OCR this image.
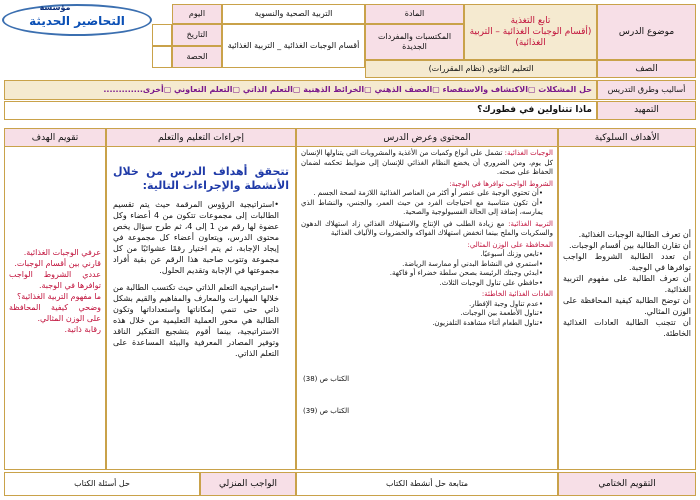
مؤسسة
التحاضير الحديثة
موضوع الدرس
تابع التغذية
(أقسام الوجبات الغذائية – التربية الغذائية)
المادة
التربية الصحية والنسوية
اليوم
المكتسبات والمفردات الجديدة
أقسام الوجبات الغذائية _ التربية الغذائية
التاريخ
الحصة
الصف
التعليم الثانوي (نظام المقررات)
أساليب وطرق التدريس
حل المشكلات ▢الاكتشاف والاستقصاء ▢العصف الذهني ▢الخرائط الذهنية ▢التعلم الذاتي ▢التعلم التعاوني ▢أخرى.............
التمهيد
ماذا تتناولين في فطورك؟
الأهداف السلوكية
أن تعرف الطالبة الوجبات الغذائية.
أن تقارن الطالبة بين أقسام الوجبات.
أن تعدد الطالبة الشروط الواجب توافرها في الوجبة.
أن تعرف الطالبة على مفهوم التربية الغذائية.
أن توضح الطالبة كيفية المحافظة على الوزن المثالي.
أن تتجنب الطالبة العادات الغذائية الخاطئة.
المحتوى وعرض الدرس
الوجبات الغذائية: تشمل على أنواع وكميات من الأغذية والمشروبات التي يتناولها الإنسان كل يوم، ومن الضروري أن يخضع النظام الغذائي للإنسان إلى ضوابط تحكمه لضمان الحفاظ على صحته.
الشروط الواجب توافرها في الوجبة:
• أن تحتوي الوجبة على عنصر أو أكثر من العناصر الغذائية اللازمة لصحة الجسم .
• أن تكون متناسبة مع احتياجات الفرد من حيث العمر، والجنس، والنشاط الذي يمارسه، إضافة إلى الحالة الفسيولوجية والصحية.
التربية الغذائية: مع زيادة الطلب في الإنتاج والاستهلاك الغذائي زاد استهلاك الدهون والسكريات والملح بينما انخفض استهلاك الفواكه والخضروات والألياف الغذائية
المحافظة على الوزن المثالي:
• تابعي وزنك أسبوعيًا.
• استمري في النشاط البدني أو ممارسة الرياضة.
• ابدئي وجبتك الرئيسة بصحن سلطة خضراء أو فاكهة.
• حافظي على تناول الوجبات الثلاث.
العادات الغذائية الخاطئة:
• عدم تناول وجبة الإفطار.
• تناول الأطعمة بين الوجبات.
• تناول الطعام أثناء مشاهدة التلفزيون.
الكتاب ص (38)
الكتاب ص (39)
إجراءات التعليم والتعلم
تتحقق أهداف الدرس من خلال الأنشطة والإجراءات التالية:
• استراتيجية الرؤوس المرقمة حيث يتم تقسيم الطالبات إلى مجموعات تتكون من 4 أعضاء وكل عضوة لها رقم من 1 إلى 4، ثم طرح سؤال يخص محتوى الدرس، ويتعاون أعضاء كل مجموعة في إيجاد الإجابة، ثم يتم اختيار رقمًا عشوائيًا من كل مجموعة وتتوب صاحبة هذا الرقم عن بقية أفراد مجموعتها في الإجابة وتقديم الحلول.
• استراتيجية التعلم الذاتي حيث تكتسب الطالبة من خلالها المهارات والمعارف والمفاهيم والقيم بشكل ذاتي حتى تنمي إمكاناتها واستعداداتها وتكون الطالبة هي محور العملية التعليمية من خلال هذه الاستراتيجية، بينما أقوم بتشجيع التفكير الناقد وتوفير المصادر المعرفية والبيئة المساعدة على التعلم الذاتي.
تقويم الهدف
عرفي الوجبات الغذائية.
قارني بين أقسام الوجبات.
عددي الشروط الواجب توافرها في الوجبة.
ما مفهوم التربية الغذائية؟
وضحي كيفية المحافظة على الوزن المثالي.
رقابة ذاتية.
التقويم الختامي
متابعة حل أنشطة الكتاب
الواجب المنزلي
حل أسئلة الكتاب
